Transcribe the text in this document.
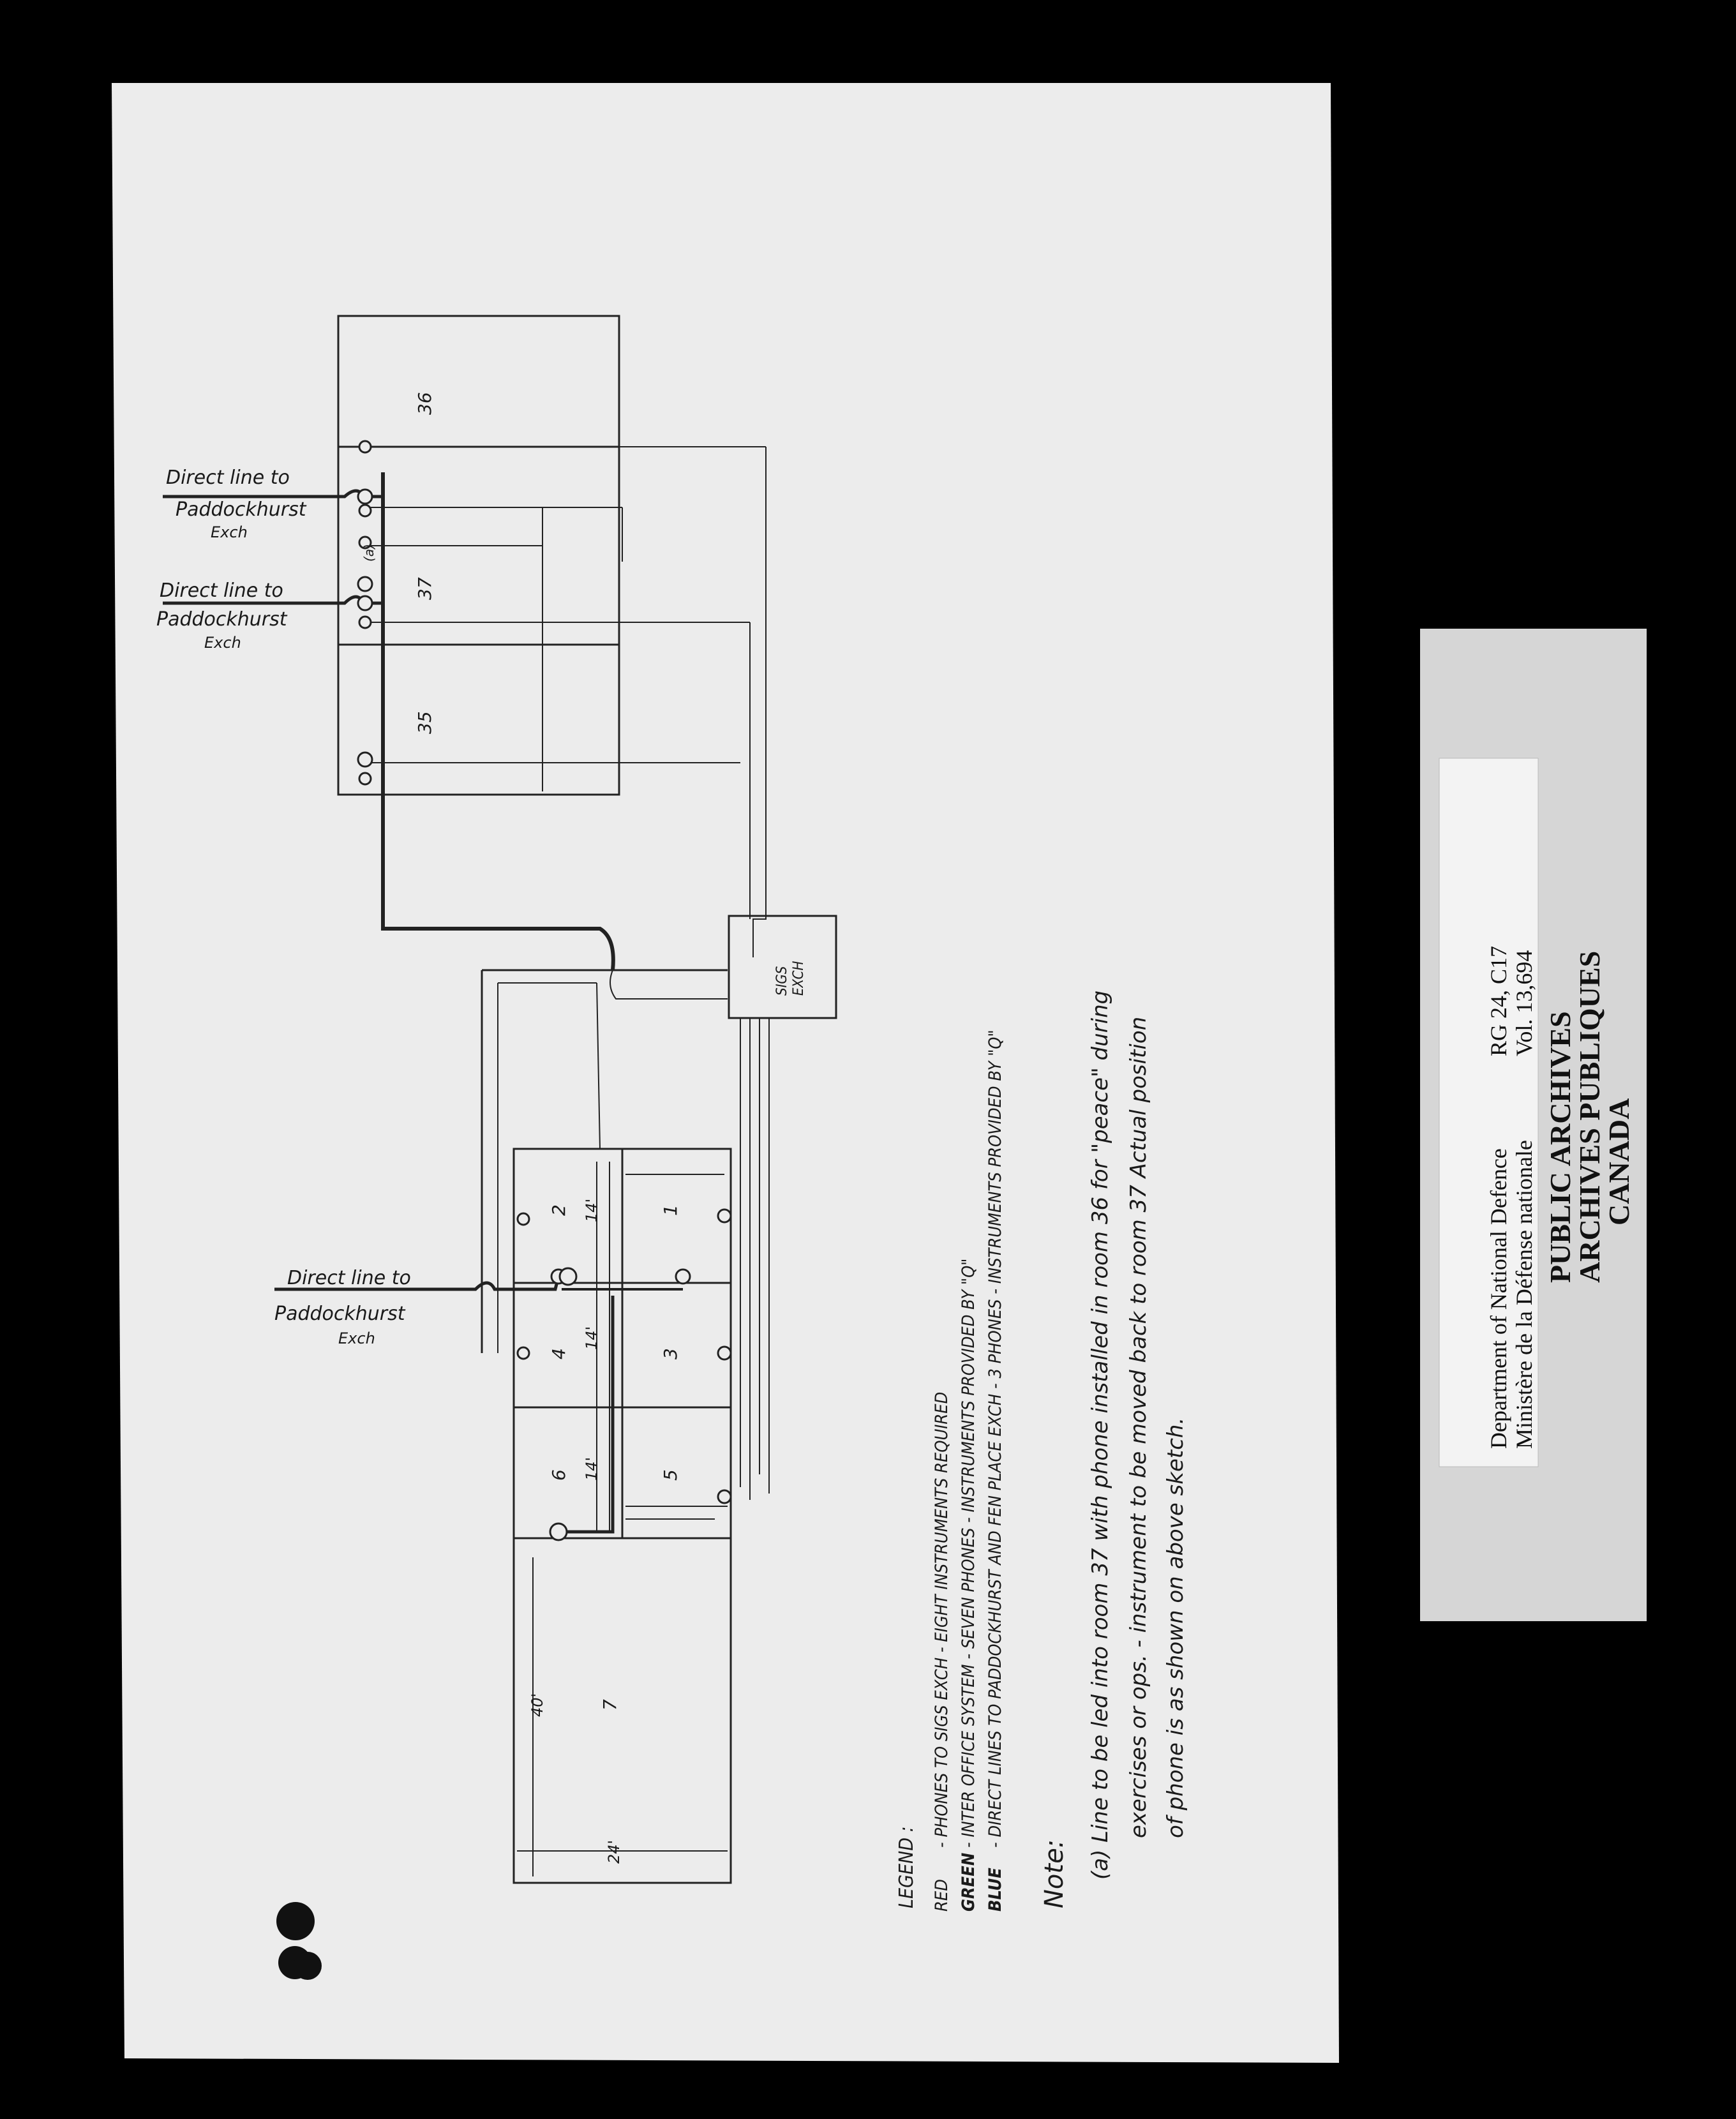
Department of National Defence Ministère de la Défense nationale
RG 24, C17 Vol. 13,694
PUBLIC ARCHIVES
ARCHIVES PUBLIQUES
CANADA
SIGS EXCH
36
37
35
2	1
4	3
6	5
7
(a)
40'
24'
14'
14'
14'
Direct line to
Paddockhurst
Exch
Direct line to
Paddockhurst
Exch
Direct line to
Paddockhurst
Exch
LEGEND : RED
- PHONES TO SIGS EXCH - EIGHT INSTRUMENTS REQUIRED
GREEN
- INTER OFFICE SYSTEM - SEVEN PHONES - INSTRUMENTS PROVIDED BY "Q"
BLUE
- DIRECT LINES TO PADDOCKHURST AND FEN PLACE EXCH - 3 PHONES - INSTRUMENTS PROVIDED BY "Q"
Note: (a) Line to be led into room 37 with phone installed in room 36 for "peace" during exercises or ops. - instrument to be moved back to room 37 Actual position of phone is as shown on above sketch.
